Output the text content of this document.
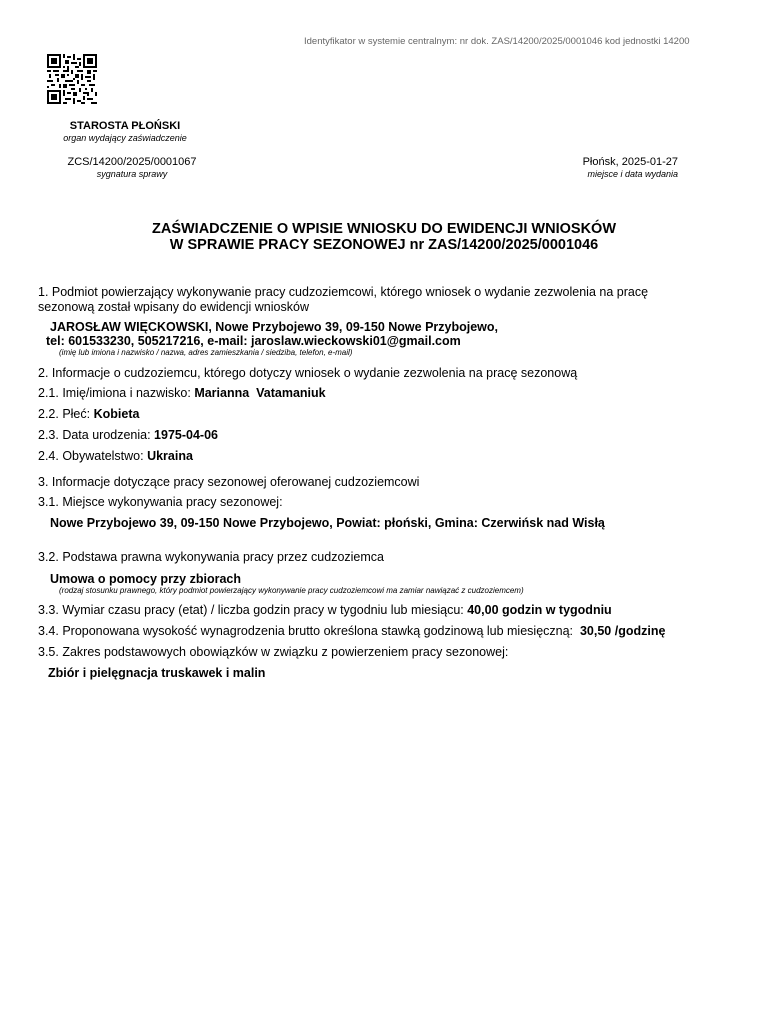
Identyfikator w systemie centralnym: nr dok. ZAS/14200/2025/0001046 kod jednostki 14200
STAROSTA PŁOŃSKI
organ wydający zaświadczenie
ZCS/14200/2025/0001067
sygnatura sprawy
Płońsk, 2025-01-27
miejsce i data wydania
ZAŚWIADCZENIE O WPISIE WNIOSKU DO EWIDENCJI WNIOSKÓW
W SPRAWIE PRACY SEZONOWEJ nr ZAS/14200/2025/0001046
1. Podmiot powierzający wykonywanie pracy cudzoziemcowi, którego wniosek o wydanie zezwolenia na pracę sezonową został wpisany do ewidencji wniosków
JAROSŁAW WIĘCKOWSKI, Nowe Przybojewo 39, 09-150 Nowe Przybojewo,
tel: 601533230, 505217216, e-mail: jaroslaw.wieckowski01@gmail.com
(imię lub imiona i nazwisko / nazwa, adres zamieszkania / siedziba, telefon, e-mail)
2. Informacje o cudzoziemcu, którego dotyczy wniosek o wydanie zezwolenia na pracę sezonową
2.1. Imię/imiona i nazwisko: Marianna  Vatamaniuk
2.2. Płeć: Kobieta
2.3. Data urodzenia: 1975-04-06
2.4. Obywatelstwo: Ukraina
3. Informacje dotyczące pracy sezonowej oferowanej cudzoziemcowi
3.1. Miejsce wykonywania pracy sezonowej:
Nowe Przybojewo 39, 09-150 Nowe Przybojewo, Powiat: płoński, Gmina: Czerwińsk nad Wisłą
3.2. Podstawa prawna wykonywania pracy przez cudzoziemca
Umowa o pomocy przy zbiorach
(rodzaj stosunku prawnego, który podmiot powierzający wykonywanie pracy cudzoziemcowi ma zamiar nawiązać z cudzoziemcem)
3.3. Wymiar czasu pracy (etat) / liczba godzin pracy w tygodniu lub miesiącu: 40,00 godzin w tygodniu
3.4. Proponowana wysokość wynagrodzenia brutto określona stawką godzinową lub miesięczną:  30,50 /godzinę
3.5. Zakres podstawowych obowiązków w związku z powierzeniem pracy sezonowej:
Zbiór i pielęgnacja truskawek i malin
